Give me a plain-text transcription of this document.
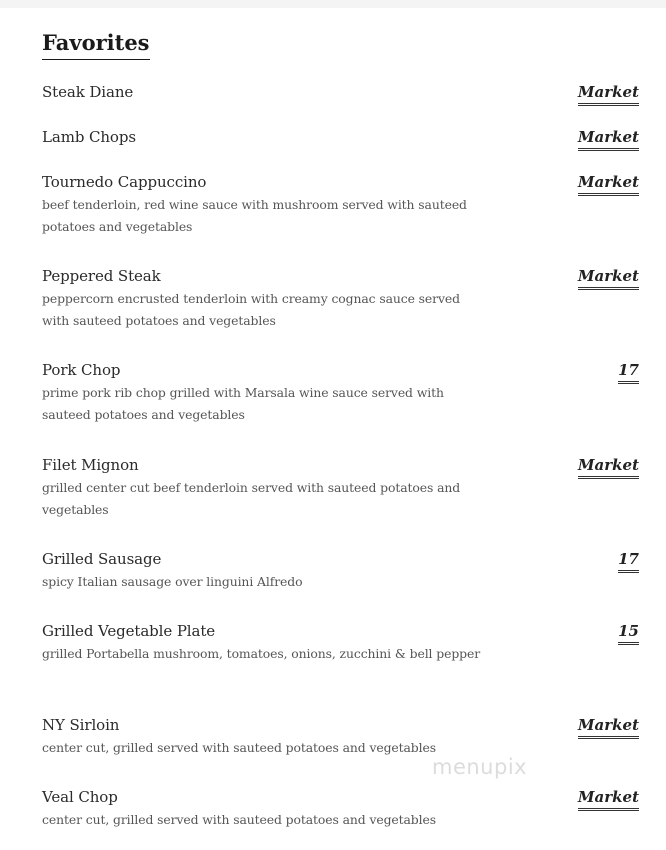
Favorites
Steak Diane	Market
Lamb Chops	Market
Tournedo Cappuccino
beef tenderloin, red wine sauce with mushroom served with sauteed potatoes and vegetables
Market
Peppered Steak
peppercorn encrusted tenderloin with creamy cognac sauce served with sauteed potatoes and vegetables
Market
Pork Chop
prime pork rib chop grilled with Marsala wine sauce served with sauteed potatoes and vegetables
17
Filet Mignon
grilled center cut beef tenderloin served with sauteed potatoes and vegetables
Market
Grilled Sausage
spicy Italian sausage over linguini Alfredo
17
Grilled Vegetable Plate
grilled Portabella mushroom, tomatoes, onions, zucchini & bell pepper
15
NY Sirloin
center cut, grilled served with sauteed potatoes and vegetables
Market
Veal Chop
center cut, grilled served with sauteed potatoes and vegetables
Market
menupix
